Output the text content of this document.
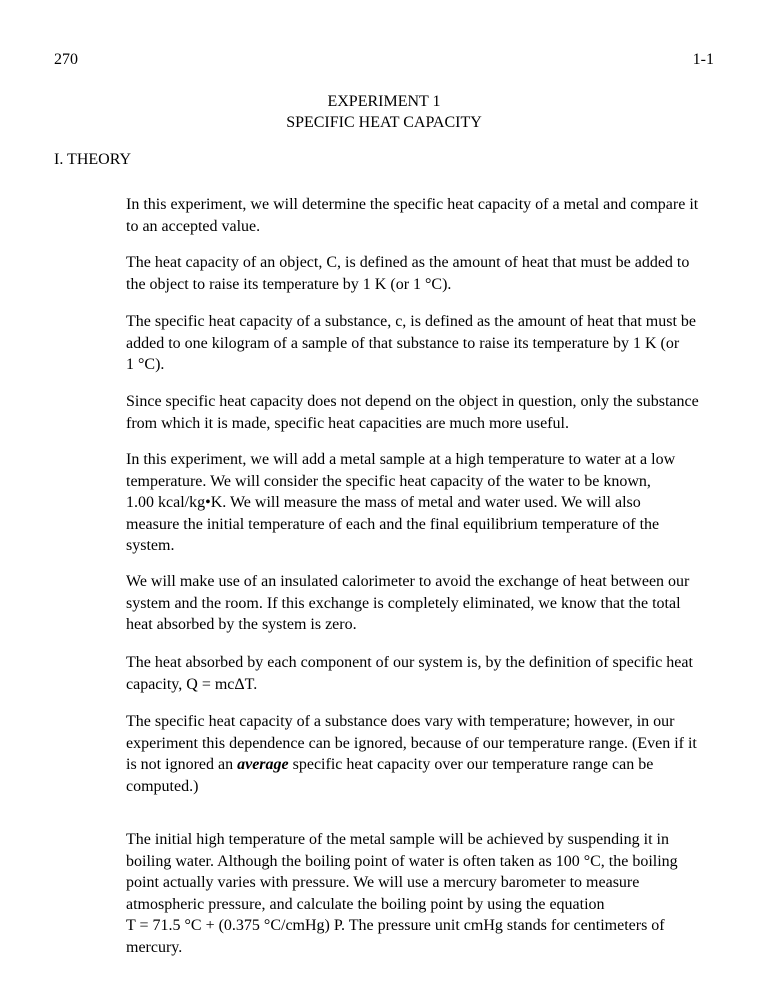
270	1-1
EXPERIMENT 1
SPECIFIC HEAT CAPACITY
I. THEORY
In this experiment, we will determine the specific heat capacity of a metal and compare it
to an accepted value.
The heat capacity of an object, C, is defined as the amount of heat that must be added to
the object to raise its temperature by 1 K (or 1 °C).
The specific heat capacity of a substance, c, is defined as the amount of heat that must be
added to one kilogram of a sample of that substance to raise its temperature by 1 K (or
1 °C).
Since specific heat capacity does not depend on the object in question, only the substance
from which it is made, specific heat capacities are much more useful.
In this experiment, we will add a metal sample at a high temperature to water at a low
temperature. We will consider the specific heat capacity of the water to be known,
1.00 kcal/kg•K. We will measure the mass of metal and water used. We will also
measure the initial temperature of each and the final equilibrium temperature of the
system.
We will make use of an insulated calorimeter to avoid the exchange of heat between our
system and the room. If this exchange is completely eliminated, we know that the total
heat absorbed by the system is zero.
The heat absorbed by each component of our system is, by the definition of specific heat
capacity, Q = mcΔT.
The specific heat capacity of a substance does vary with temperature; however, in our
experiment this dependence can be ignored, because of our temperature range. (Even if it
is not ignored an average specific heat capacity over our temperature range can be
computed.)
The initial high temperature of the metal sample will be achieved by suspending it in
boiling water. Although the boiling point of water is often taken as 100 °C, the boiling
point actually varies with pressure. We will use a mercury barometer to measure
atmospheric pressure, and calculate the boiling point by using the equation
T = 71.5 °C + (0.375 °C/cmHg) P. The pressure unit cmHg stands for centimeters of
mercury.
